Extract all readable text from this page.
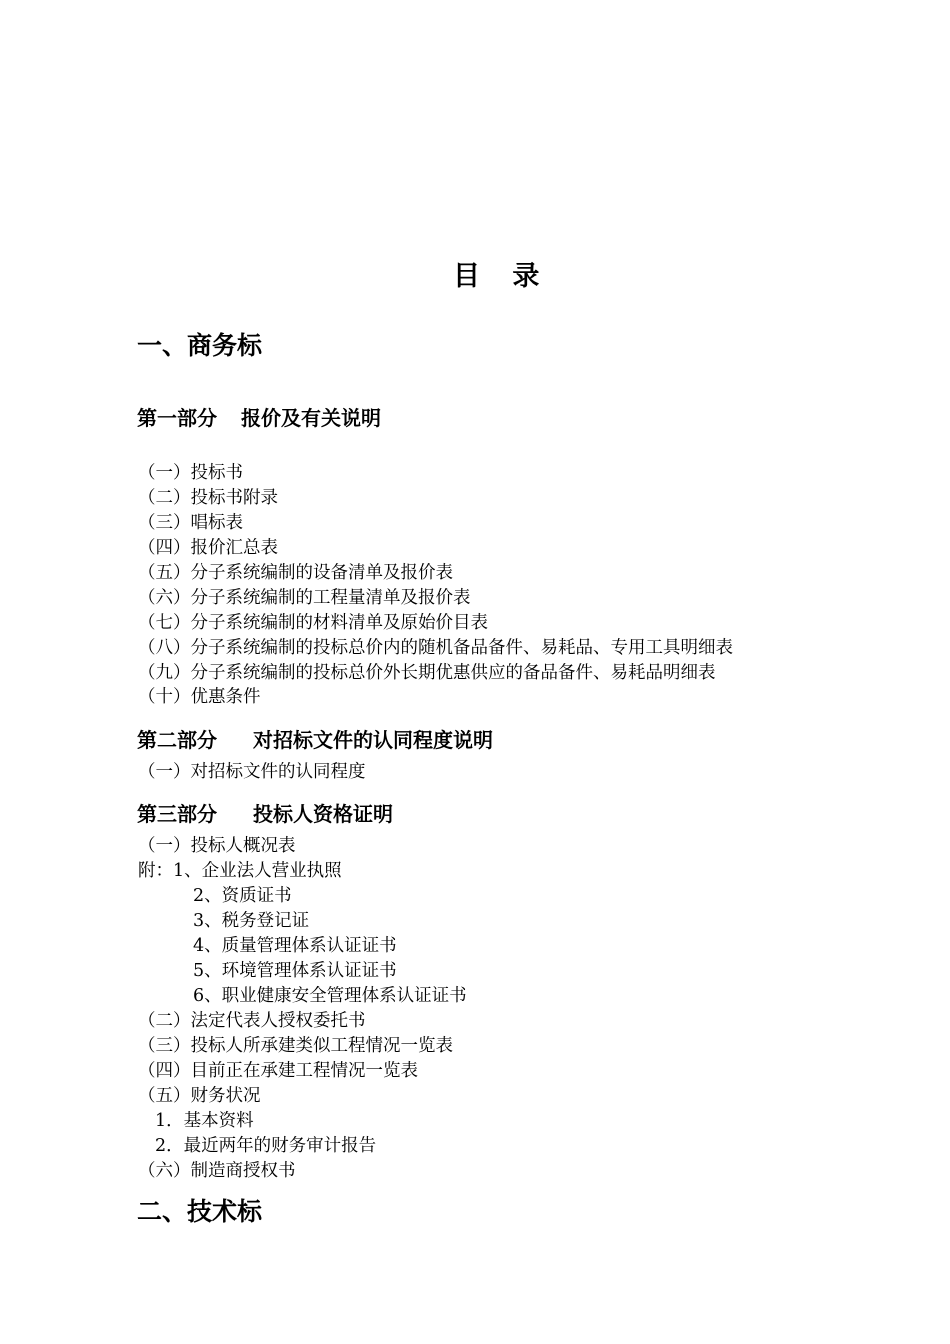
目　录
一、商务标
第一部分 报价及有关说明
（一）投标书
（二）投标书附录
（三）唱标表
（四）报价汇总表
（五）分子系统编制的设备清单及报价表
（六）分子系统编制的工程量清单及报价表
（七）分子系统编制的材料清单及原始价目表
（八）分子系统编制的投标总价内的随机备品备件、易耗品、专用工具明细表
（九）分子系统编制的投标总价外长期优惠供应的备品备件、易耗品明细表
（十）优惠条件
第二部分 对招标文件的认同程度说明
（一）对招标文件的认同程度
第三部分 投标人资格证明
（一）投标人概况表
附：1、企业法人营业执照
2、资质证书
3、税务登记证
4、质量管理体系认证证书
5、环境管理体系认证证书
6、职业健康安全管理体系认证证书
（二）法定代表人授权委托书
（三）投标人所承建类似工程情况一览表
（四）目前正在承建工程情况一览表
（五）财务状况
1．基本资料
2．最近两年的财务审计报告
（六）制造商授权书
二、技术标
